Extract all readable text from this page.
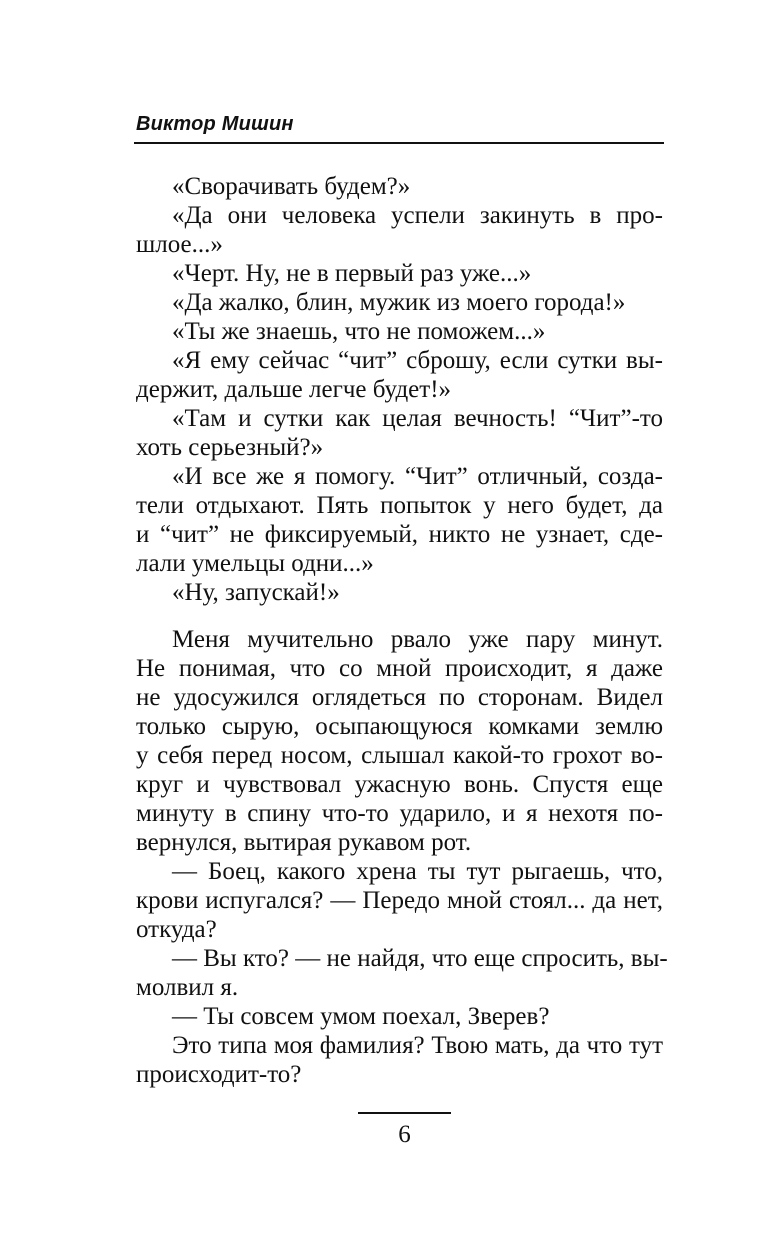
Виктор Мишин

«Сворачивать будем?»

«Да они человека успели закинуть в про-
шлое...»

«Черт. Ну, не в первый раз уже...»

«Да жалко, блин, мужик из моего города!»

«Ты же знаешь, что не поможем...»

«Я ему сейчас “чит” сброшу, если сутки вы-
держит, дальше легче будет!»

«Там и сутки как целая вечность! “Чит”-то
хоть серьезный?»

«И все же я помогу. “Чит” отличный, созда-
тели отдыхают. Пять попыток у него будет, да
и “чит” не фиксируемый, никто не узнает, сде-
лали умельцы одни...»

«Ну, запускай!»

Меня мучительно рвало уже пару минут.
Не понимая, что со мной происходит, я даже
не удосужился оглядеться по сторонам. Видел
только сырую, осыпающуюся комками землю
у себя перед носом, слышал какой-то грохот во-
круг и чувствовал ужасную вонь. Спустя еще
минуту в спину что-то ударило, и я нехотя по-
вернулся, вытирая рукавом рот.

— Боец, какого хрена ты тут рыгаешь, что,
крови испугался? — Передо мной стоял... да нет,
откуда?

— Вы кто? — не найдя, что еще спросить, вы-
молвил я.

— Ты совсем умом поехал, Зверев?

Это типа моя фамилия? Твою мать, да что тут
происходит-то?

6
